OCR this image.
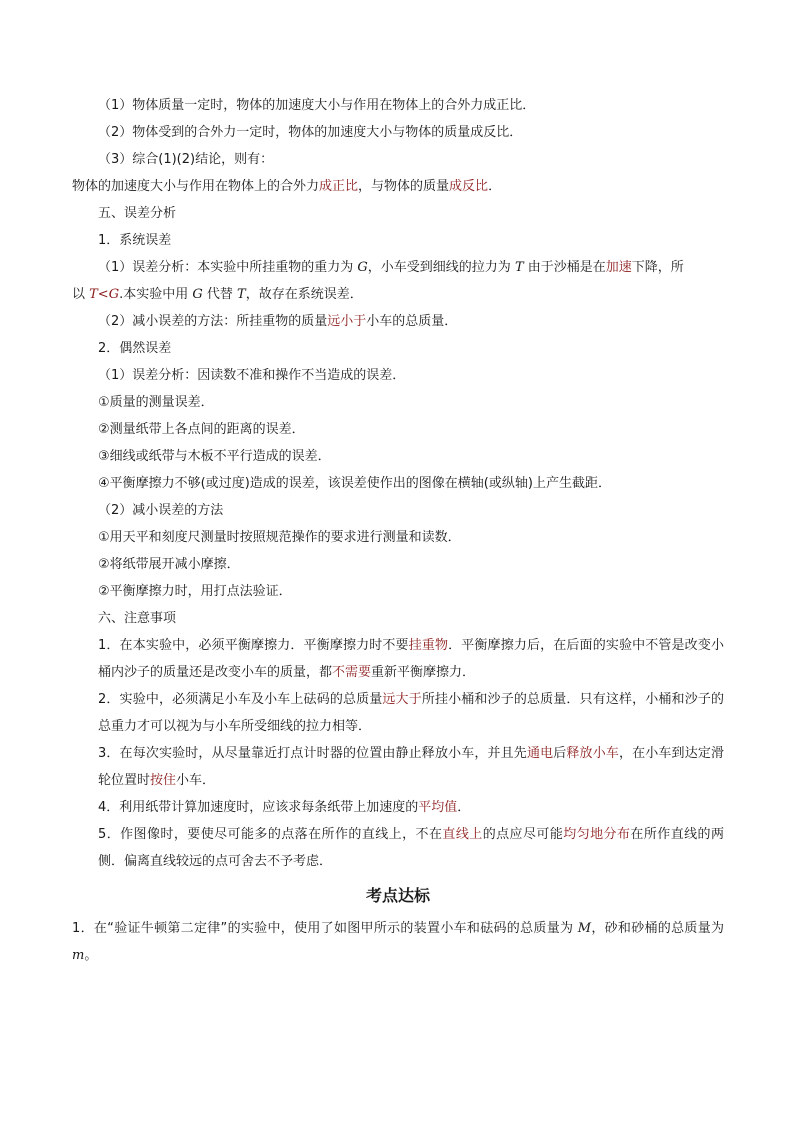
（1）物体质量一定时，物体的加速度大小与作用在物体上的合外力成正比．
（2）物体受到的合外力一定时，物体的加速度大小与物体的质量成反比．
（3）综合(1)(2)结论，则有：
物体的加速度大小与作用在物体上的合外力成正比，与物体的质量成反比．
五、误差分析
1．系统误差
（1）误差分析：本实验中所挂重物的重力为 G，小车受到细线的拉力为 T 由于沙桶是在加速下降，所
以 T<G.本实验中用 G 代替 T，故存在系统误差．
（2）减小误差的方法：所挂重物的质量远小于小车的总质量．
2．偶然误差
（1）误差分析：因读数不准和操作不当造成的误差．
①质量的测量误差．
②测量纸带上各点间的距离的误差．
③细线或纸带与木板不平行造成的误差．
④平衡摩擦力不够(或过度)造成的误差，该误差使作出的图像在横轴(或纵轴)上产生截距．
（2）减小误差的方法
①用天平和刻度尺测量时按照规范操作的要求进行测量和读数．
②将纸带展开减小摩擦．
②平衡摩擦力时，用打点法验证．
六、注意事项
1．在本实验中，必须平衡摩擦力．平衡摩擦力时不要挂重物．平衡摩擦力后，在后面的实验中不管是改变小桶内沙子的质量还是改变小车的质量，都不需要重新平衡摩擦力．
2．实验中，必须满足小车及小车上砝码的总质量远大于所挂小桶和沙子的总质量．只有这样，小桶和沙子的总重力才可以视为与小车所受细线的拉力相等．
3．在每次实验时，从尽量靠近打点计时器的位置由静止释放小车，并且先通电后释放小车，在小车到达定滑轮位置时按住小车．
4．利用纸带计算加速度时，应该求每条纸带上加速度的平均值．
5．作图像时，要使尽可能多的点落在所作的直线上，不在直线上的点应尽可能均匀地分布在所作直线的两侧．偏离直线较远的点可舍去不予考虑．
考点达标
1．在“验证牛顿第二定律”的实验中，使用了如图甲所示的装置小车和砝码的总质量为 M，砂和砂桶的总质量为 m。
